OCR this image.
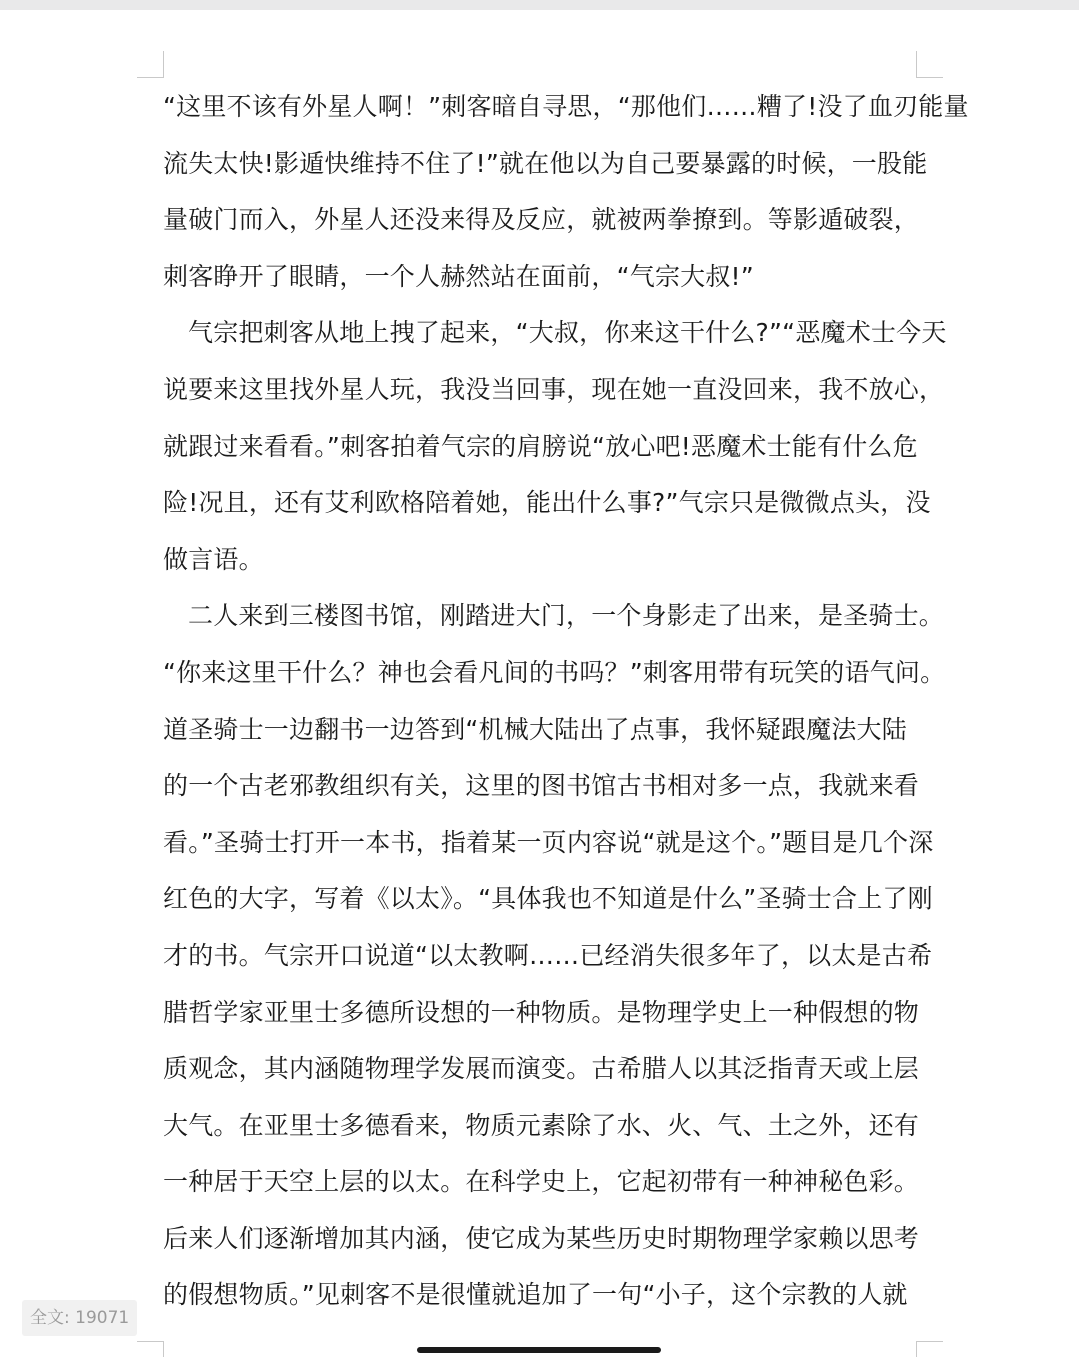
“这里不该有外星人啊！”刺客暗自寻思，“那他们……糟了!没了血刃能量
流失太快!影遁快维持不住了!”就在他以为自己要暴露的时候，一股能
量破门而入，外星人还没来得及反应，就被两拳撩到。等影遁破裂，
刺客睁开了眼睛，一个人赫然站在面前，“气宗大叔!”
气宗把刺客从地上拽了起来，“大叔，你来这干什么?”“恶魔术士今天
说要来这里找外星人玩，我没当回事，现在她一直没回来，我不放心，
就跟过来看看。”刺客拍着气宗的肩膀说“放心吧!恶魔术士能有什么危
险!况且，还有艾利欧格陪着她，能出什么事?”气宗只是微微点头，没
做言语。
二人来到三楼图书馆，刚踏进大门，一个身影走了出来，是圣骑士。
“你来这里干什么？神也会看凡间的书吗？”刺客用带有玩笑的语气问。
道圣骑士一边翻书一边答到“机械大陆出了点事，我怀疑跟魔法大陆
的一个古老邪教组织有关，这里的图书馆古书相对多一点，我就来看
看。”圣骑士打开一本书，指着某一页内容说“就是这个。”题目是几个深
红色的大字，写着《以太》。“具体我也不知道是什么”圣骑士合上了刚
才的书。气宗开口说道“以太教啊……已经消失很多年了，以太是古希
腊哲学家亚里士多德所设想的一种物质。是物理学史上一种假想的物
质观念，其内涵随物理学发展而演变。古希腊人以其泛指青天或上层
大气。在亚里士多德看来，物质元素除了水、火、气、土之外，还有
一种居于天空上层的以太。在科学史上，它起初带有一种神秘色彩。
后来人们逐渐增加其内涵，使它成为某些历史时期物理学家赖以思考
的假想物质。”见刺客不是很懂就追加了一句“小子，这个宗教的人就
全文: 19071
